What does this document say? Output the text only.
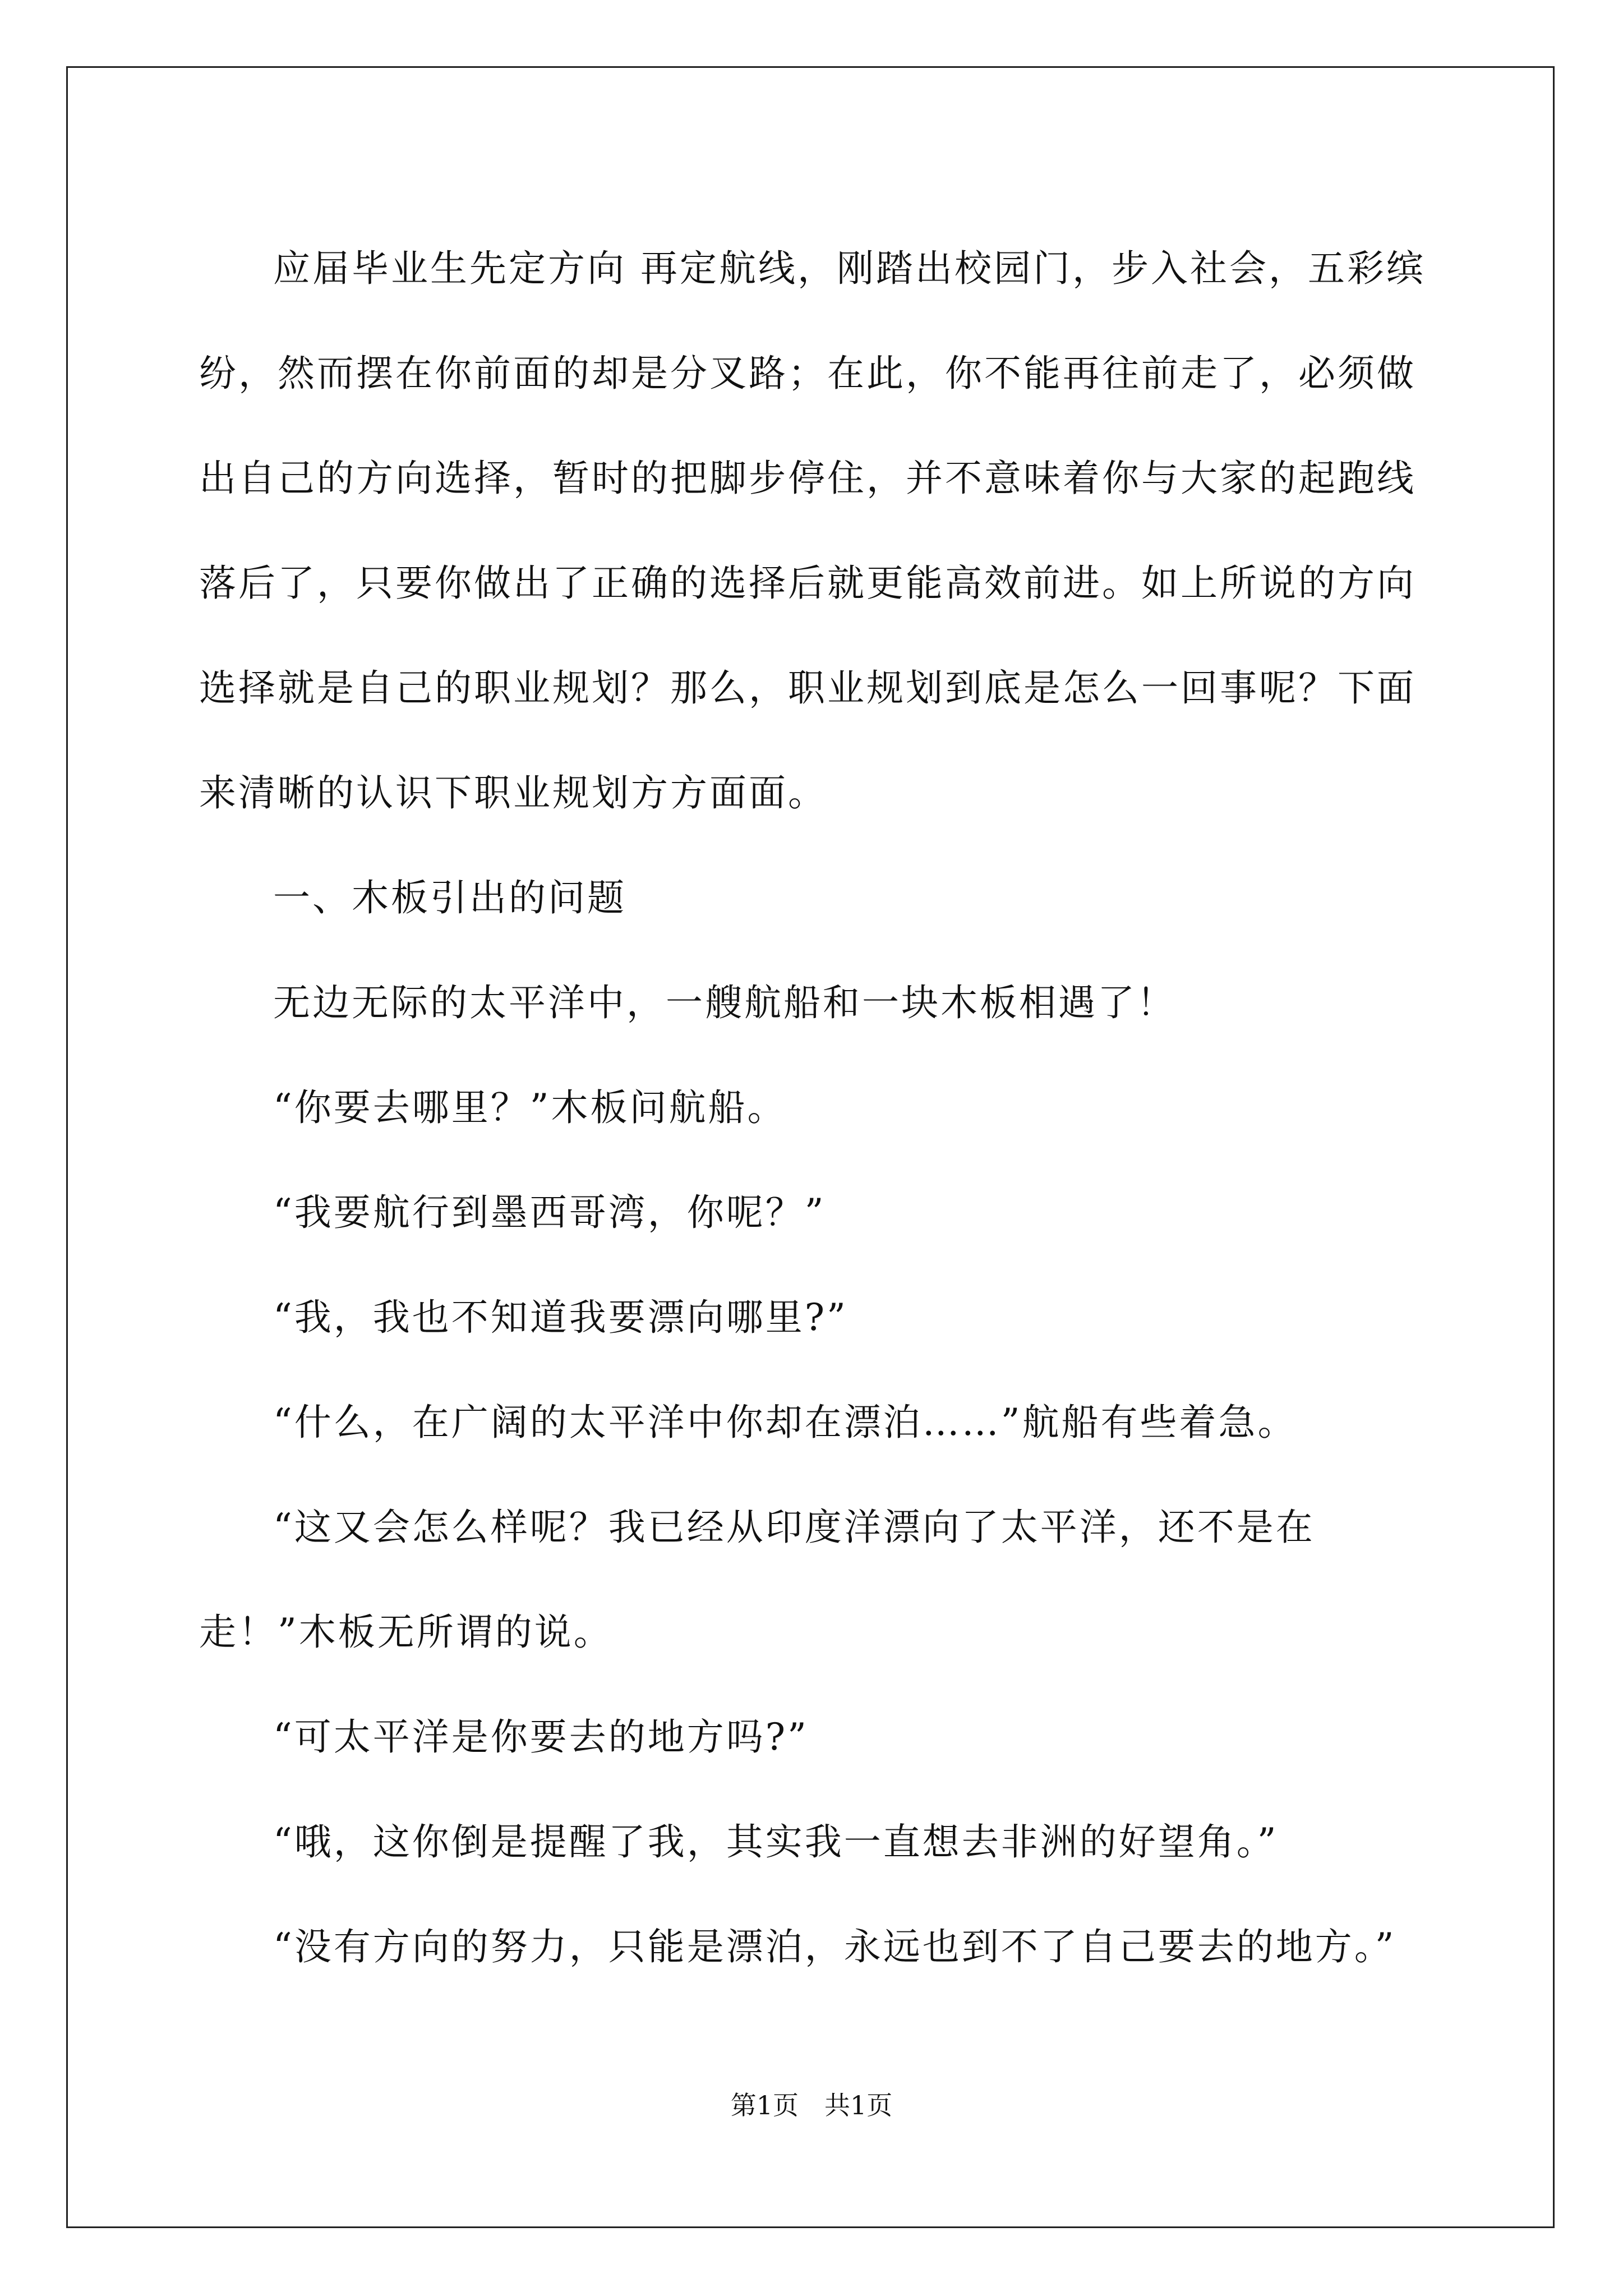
应届毕业生先定方向 再定航线，刚踏出校园门，步入社会，五彩缤纷，然而摆在你前面的却是分叉路；在此，你不能再往前走了，必须做出自己的方向选择，暂时的把脚步停住，并不意味着你与大家的起跑线落后了，只要你做出了正确的选择后就更能高效前进。如上所说的方向选择就是自己的职业规划？那么，职业规划到底是怎么一回事呢？下面来清晰的认识下职业规划方方面面。

一、木板引出的问题

无边无际的太平洋中，一艘航船和一块木板相遇了！

“你要去哪里？”木板问航船。

“我要航行到墨西哥湾，你呢？”

“我，我也不知道我要漂向哪里?”

“什么，在广阔的太平洋中你却在漂泊……”航船有些着急。

“这又会怎么样呢？我已经从印度洋漂向了太平洋，还不是在走！”木板无所谓的说。

“可太平洋是你要去的地方吗?”

“哦，这你倒是提醒了我，其实我一直想去非洲的好望角。”

“没有方向的努力，只能是漂泊，永远也到不了自己要去的地方。”

第1页　共1页
